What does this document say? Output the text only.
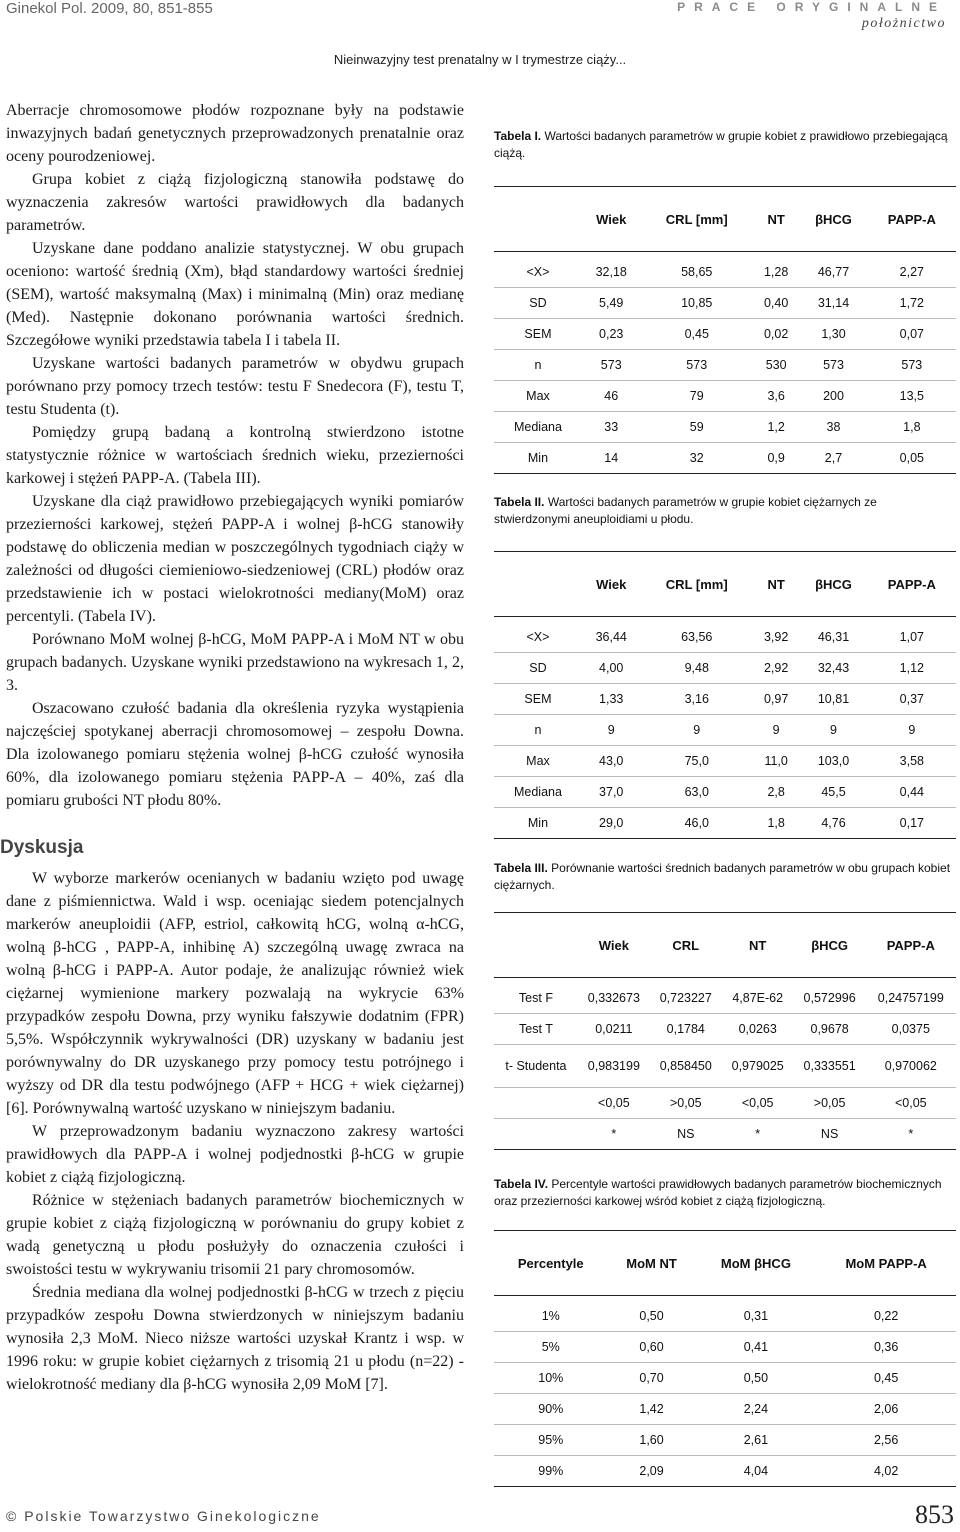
Ginekol Pol. 2009, 80, 851-855	PRACE ORYGINALNE
położnictwo
Nieinwazyjny test prenatalny w I trymestrze ciąży...

Aberracje chromosomowe płodów rozpoznane były na podstawie inwazyjnych badań genetycznych przeprowadzonych prenatalnie oraz oceny pourodzeniowej.

Grupa kobiet z ciążą fizjologiczną stanowiła podstawę do wyznaczenia zakresów wartości prawidłowych dla badanych parametrów.

Uzyskane dane poddano analizie statystycznej. W obu grupach oceniono: wartość średnią (Xm), błąd standardowy wartości średniej (SEM), wartość maksymalną (Max) i minimalną (Min) oraz medianę (Med). Następnie dokonano porównania wartości średnich. Szczegółowe wyniki przedstawia tabela I i tabela II.

Uzyskane wartości badanych parametrów w obydwu grupach porównano przy pomocy trzech testów: testu F Snedecora (F), testu T, testu Studenta (t).

Pomiędzy grupą badaną a kontrolną stwierdzono istotne statystycznie różnice w wartościach średnich wieku, przezierności karkowej i stężeń PAPP-A. (Tabela III).

Uzyskane dla ciąż prawidłowo przebiegających wyniki pomiarów przezierności karkowej, stężeń PAPP-A i wolnej β-hCG stanowiły podstawę do obliczenia median w poszczególnych tygodniach ciąży w zależności od długości ciemieniowo-siedzeniowej (CRL) płodów oraz przedstawienie ich w postaci wielokrotności mediany(MoM) oraz percentyli. (Tabela IV).

Porównano MoM wolnej β-hCG, MoM PAPP-A i MoM NT w obu grupach badanych. Uzyskane wyniki przedstawiono na wykresach 1, 2, 3.

Oszacowano czułość badania dla określenia ryzyka wystąpienia najczęściej spotykanej aberracji chromosomowej – zespołu Downa. Dla izolowanego pomiaru stężenia wolnej β-hCG czułość wynosiła 60%, dla izolowanego pomiaru stężenia PAPP-A – 40%, zaś dla pomiaru grubości NT płodu 80%.

Dyskusja

W wyborze markerów ocenianych w badaniu wzięto pod uwagę dane z piśmiennictwa. Wald i wsp. oceniając siedem potencjalnych markerów aneuploidii (AFP, estriol, całkowitą hCG, wolną α-hCG, wolną β-hCG , PAPP-A, inhibinę A) szczególną uwagę zwraca na wolną β-hCG i PAPP-A. Autor podaje, że analizując również wiek ciężarnej wymienione markery pozwalają na wykrycie 63% przypadków zespołu Downa, przy wyniku fałszywie dodatnim (FPR) 5,5%. Współczynnik wykrywalności (DR) uzyskany w badaniu jest porównywalny do DR uzyskanego przy pomocy testu potrójnego i wyższy od DR dla testu podwójnego (AFP + HCG + wiek ciężarnej) [6]. Porównywalną wartość uzyskano w niniejszym badaniu.

W przeprowadzonym badaniu wyznaczono zakresy wartości prawidłowych dla PAPP-A i wolnej podjednostki β-hCG w grupie kobiet z ciążą fizjologiczną.

Różnice w stężeniach badanych parametrów biochemicznych w grupie kobiet z ciążą fizjologiczną w porównaniu do grupy kobiet z wadą genetyczną u płodu posłużyły do oznaczenia czułości i swoistości testu w wykrywaniu trisomii 21 pary chromosomów.

Średnia mediana dla wolnej podjednostki β-hCG w trzech z pięciu przypadków zespołu Downa stwierdzonych w niniejszym badaniu wynosiła 2,3 MoM. Nieco niższe wartości uzyskał Krantz i wsp. w 1996 roku: w grupie kobiet ciężarnych z trisomią 21 u płodu (n=22) - wielokrotność mediany dla β-hCG wynosiła 2,09 MoM [7].

Tabela I. Wartości badanych parametrów w grupie kobiet z prawidłowo przebiegającą ciążą.
	Wiek	CRL [mm]	NT	βHCG	PAPP-A
<X>	32,18	58,65	1,28	46,77	2,27
SD	5,49	10,85	0,40	31,14	1,72
SEM	0,23	0,45	0,02	1,30	0,07
n	573	573	530	573	573
Max	46	79	3,6	200	13,5
Mediana	33	59	1,2	38	1,8
Min	14	32	0,9	2,7	0,05
Tabela II. Wartości badanych parametrów w grupie kobiet ciężarnych ze stwierdzonymi aneuploidiami u płodu.
	Wiek	CRL [mm]	NT	βHCG	PAPP-A
<X>	36,44	63,56	3,92	46,31	1,07
SD	4,00	9,48	2,92	32,43	1,12
SEM	1,33	3,16	0,97	10,81	0,37
n	9	9	9	9	9
Max	43,0	75,0	11,0	103,0	3,58
Mediana	37,0	63,0	2,8	45,5	0,44
Min	29,0	46,0	1,8	4,76	0,17
Tabela III. Porównanie wartości średnich badanych parametrów w obu grupach kobiet ciężarnych.
	Wiek	CRL	NT	βHCG	PAPP-A
Test F	0,332673	0,723227	4,87E-62	0,572996	0,24757199
Test T	0,0211	0,1784	0,0263	0,9678	0,0375
t- Studenta	0,983199	0,858450	0,979025	0,333551	0,970062
	<0,05	>0,05	<0,05	>0,05	<0,05
	*	NS	*	NS	*
Tabela IV. Percentyle wartości prawidłowych badanych parametrów biochemicznych oraz przezierności karkowej wśród kobiet z ciążą fizjologiczną.
Percentyle	MoM NT	MoM βHCG	MoM PAPP-A
1%	0,50	0,31	0,22
5%	0,60	0,41	0,36
10%	0,70	0,50	0,45
90%	1,42	2,24	2,06
95%	1,60	2,61	2,56
99%	2,09	4,04	4,02
© Polskie Towarzystwo Ginekologiczne	853
